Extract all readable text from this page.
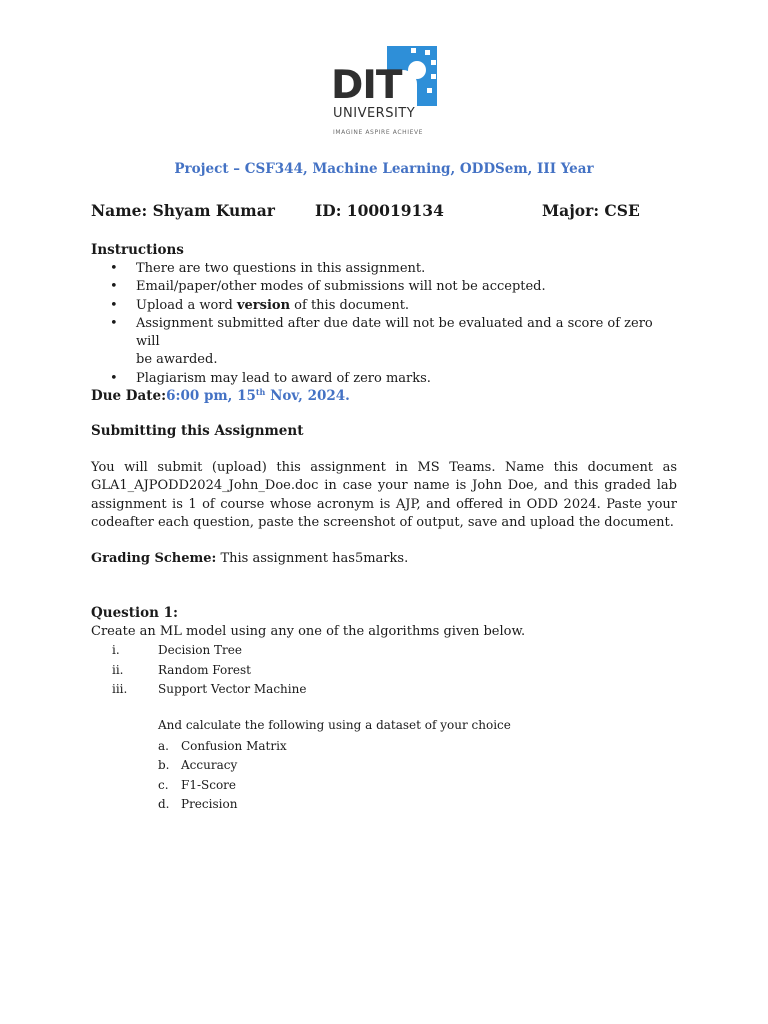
DIT
UNIVERSITY
IMAGINE ASPIRE ACHIEVE
Project – CSF344, Machine Learning, ODDSem, III Year
Name: Shyam Kumar	ID: 100019134	Major: CSE
Instructions
• There are two questions in this assignment.
• Email/paper/other modes of submissions will not be accepted.
• Upload a word version of this document.
• Assignment submitted after due date will not be evaluated and a score of zero will
be awarded.
• Plagiarism may lead to award of zero marks.
Due Date:6:00 pm, 15th Nov, 2024.
Submitting this Assignment
You will submit (upload) this assignment in MS Teams. Name this document as
GLA1_AJPODD2024_John_Doe.doc in case your name is John Doe, and this graded lab
assignment is 1 of course whose acronym is AJP, and offered in ODD 2024. Paste your
codeafter each question, paste the screenshot of output, save and upload the document.
Grading Scheme: This assignment has5marks.
Question 1:
Create an ML model using any one of the algorithms given below.
i.	Decision Tree
ii.	Random Forest
iii.	Support Vector Machine
And calculate the following using a dataset of your choice
a. Confusion Matrix
b. Accuracy
c. F1-Score
d. Precision
